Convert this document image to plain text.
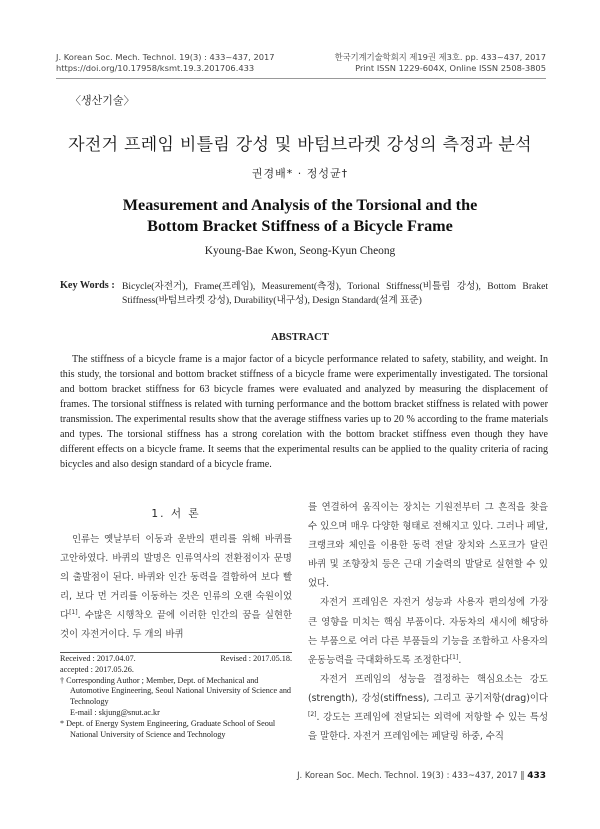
J. Korean Soc. Mech. Technol. 19(3) : 433~437, 2017
https://doi.org/10.17958/ksmt.19.3.201706.433
한국기계기술학회지 제19권 제3호. pp. 433~437, 2017
Print ISSN 1229-604X, Online ISSN 2508-3805
〈생산기술〉
자전거 프레임 비틀림 강성 및 바텀브라켓 강성의 측정과 분석
권경배* · 정성균†
Measurement and Analysis of the Torsional and the
Bottom Bracket Stiffness of a Bicycle Frame
Kyoung-Bae Kwon, Seong-Kyun Cheong
Key Words : Bicycle(자전거), Frame(프레임), Measurement(측정), Torional Stiffness(비틀림 강성), Bottom Braket Stiffness(바텀브라켓 강성), Durability(내구성), Design Standard(설계 표준)
ABSTRACT
The stiffness of a bicycle frame is a major factor of a bicycle performance related to safety, stability, and weight. In this study, the torsional and bottom bracket stiffness of a bicycle frame were experimentally investigated. The torsional and bottom bracket stiffness for 63 bicycle frames were evaluated and analyzed by measuring the displacement of frames. The torsional stiffness is related with turning performance and the bottom bracket stiffness is related with power transmission. The experimental results show that the average stiffness varies up to 20 % according to the frame materials and types. The torsional stiffness has a strong corelation with the bottom bracket stiffness even though they have different effects on a bicycle frame. It seems that the experimental results can be applied to the quality criteria of racing bicycles and also design standard of a bicycle frame.
1. 서 론

인류는 옛날부터 이동과 운반의 편리를 위해 바퀴를 고안하였다. 바퀴의 발명은 인류역사의 전환점이자 문명의 출발점이 된다. 바퀴와 인간 동력을 결합하여 보다 빨리, 보다 먼 거리를 이동하는 것은 인류의 오랜 숙원이었다[1]. 수많은 시행착오 끝에 이러한 인간의 꿈을 실현한 것이 자전거이다. 두 개의 바퀴

Received : 2017.04.07.	Revised : 2017.05.18.
accepted : 2017.05.26.
† Corresponding Author ; Member, Dept. of Mechanical and Automotive Engineering, Seoul National University of Science and Technology
E-mail : skjung@snut.ac.kr
* Dept. of Energy System Engineering, Graduate School of Seoul National University of Science and Technology

를 연결하여 움직이는 장치는 기원전부터 그 흔적을 찾을 수 있으며 매우 다양한 형태로 전해지고 있다. 그러나 페달, 크랭크와 체인을 이용한 동력 전달 장치와 스포크가 달린 바퀴 및 조향장치 등은 근대 기술력의 발달로 실현할 수 있었다.

자전거 프레임은 자전거 성능과 사용자 편의성에 가장 큰 영향을 미치는 핵심 부품이다. 자동차의 새시에 해당하는 부품으로 여러 다른 부품들의 기능을 조합하고 사용자의 운동능력을 극대화하도록 조정한다[1].

자전거 프레임의 성능을 결정하는 핵심요소는 강도(strength), 강성(stiffness), 그리고 공기저항(drag)이다[2]. 강도는 프레임에 전달되는 외력에 저항할 수 있는 특성을 말한다. 자전거 프레임에는 페달링 하중, 수직

J. Korean Soc. Mech. Technol. 19(3) : 433~437, 2017 ‖ 433
